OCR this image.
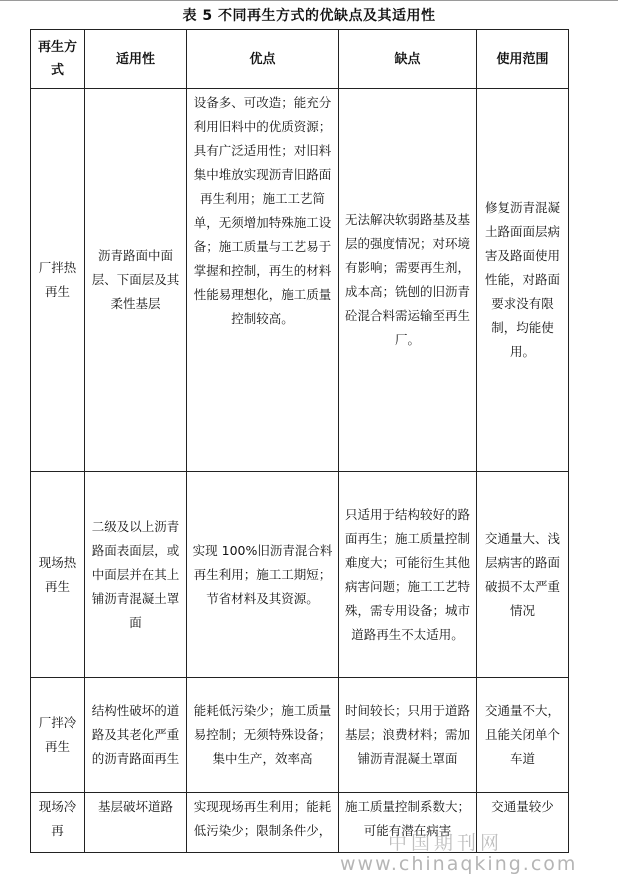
表 5 不同再生方式的优缺点及其适用性
再生方式	适用性	优点	缺点	使用范围
厂拌热再生	沥青路面中面层、下面层及其柔性基层	设备多、可改造；能充分利用旧料中的优质资源；具有广泛适用性；对旧料集中堆放实现沥青旧路面再生利用；施工工艺简单，无须增加特殊施工设备；施工质量与工艺易于掌握和控制，再生的材料性能易理想化，施工质量控制较高。	无法解决软弱路基及基层的强度情况；对环境有影响；需要再生剂，成本高；铣刨的旧沥青砼混合料需运输至再生厂。	修复沥青混凝土路面面层病害及路面使用性能，对路面要求没有限制，均能使用。
现场热再生	二级及以上沥青路面表面层，或中面层并在其上铺沥青混凝土罩面	实现 100%旧沥青混合料再生利用；施工工期短；节省材料及其资源。	只适用于结构较好的路面再生；施工质量控制难度大；可能衍生其他病害问题；施工工艺特殊，需专用设备；城市道路再生不太适用。	交通量大、浅层病害的路面破损不太严重情况
厂拌冷再生	结构性破坏的道路及其老化严重的沥青路面再生	能耗低污染少；施工质量易控制；无须特殊设备；集中生产，效率高	时间较长；只用于道路基层；浪费材料；需加铺沥青混凝土罩面	交通量不大，且能关闭单个车道
现场冷再	基层破坏道路	实现现场再生利用；能耗低污染少；限制条件少，	施工质量控制系数大；可能有潜在病害	交通量较少
中国期刊网
www.chinaqking.com
